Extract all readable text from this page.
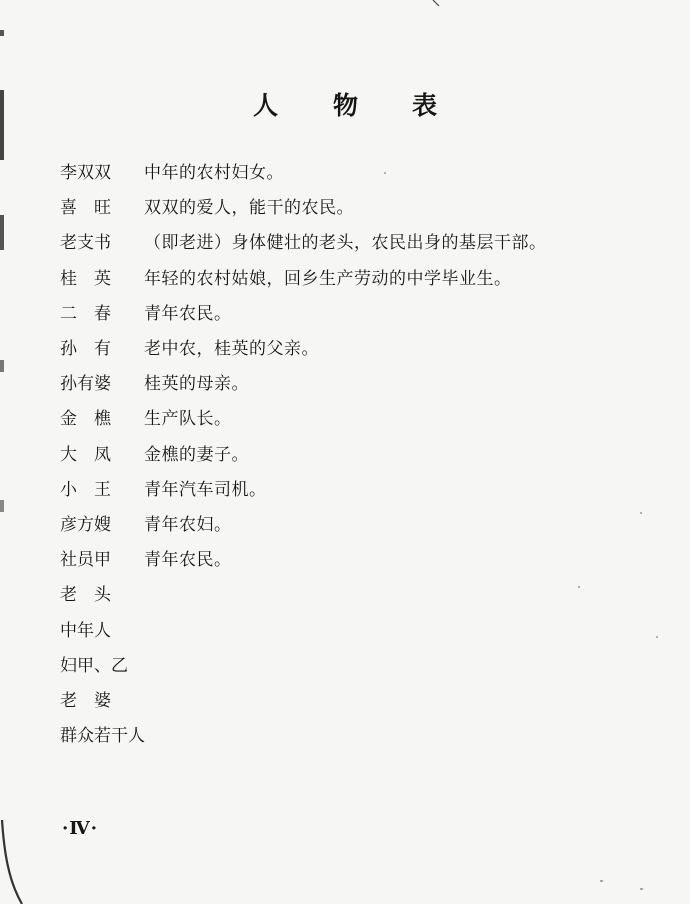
人 物 表
李双双	中年的农村妇女。
喜　旺	双双的爱人，能干的农民。
老支书	（即老进）身体健壮的老头，农民出身的基层干部。
桂　英	年轻的农村姑娘，回乡生产劳动的中学毕业生。
二　春	青年农民。
孙　有	老中农，桂英的父亲。
孙有婆	桂英的母亲。
金　樵	生产队长。
大　凤	金樵的妻子。
小　王	青年汽车司机。
彦方嫂	青年农妇。
社员甲	青年农民。
老　头
中年人
妇甲、乙
老　婆
群众若干人
·Ⅳ·
